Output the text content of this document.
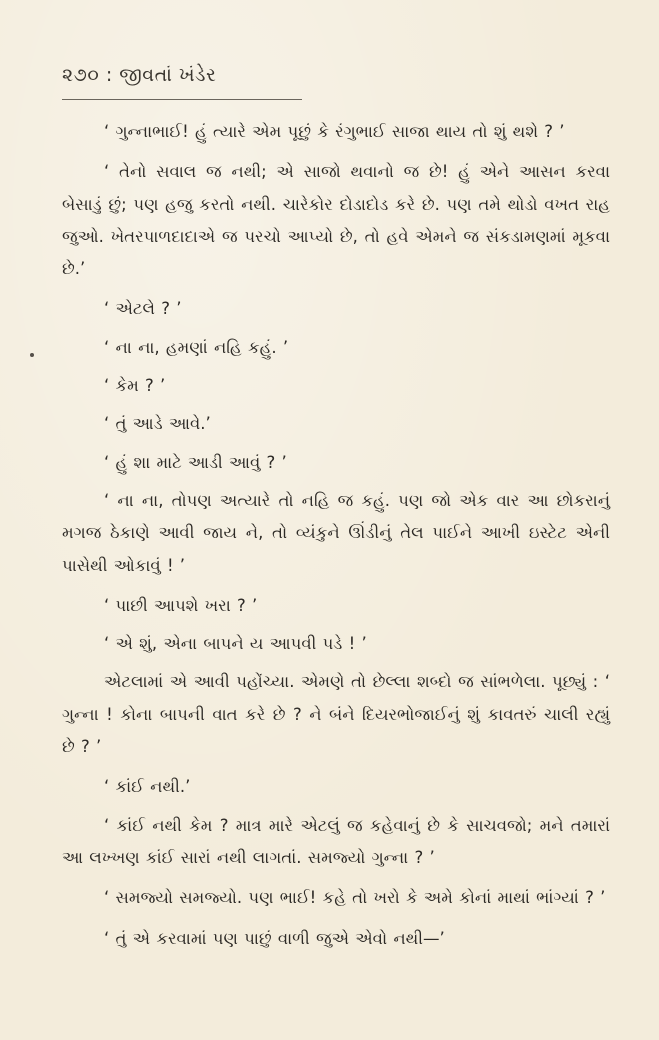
૨૭૦ : જીવતાં ખંડેર

‘ ગુન્નાભાઈ! હું ત્યારે એમ પૂછું કે રંગુભાઈ સાજા થાય તો શું થશે ? ’

‘ તેનો સવાલ જ નથી; એ સાજો થવાનો જ છે! હું એને આસન કરવા બેસાડું છું; પણ હજુ કરતો નથી. ચારેકોર દોડાદોડ કરે છે. પણ તમે થોડો વખત રાહ જુઓ. ખેતરપાળદાદાએ જ પરચો આપ્યો છે, તો હવે એમને જ સંકડામણમાં મૂકવા છે.’

‘ એટલે ? ’

‘ ના ના, હમણાં નહિ કહું. ’

‘ કેમ ? ’

‘ તું આડે આવે.’

‘ હું શા માટે આડી આવું ? ’

‘ ના ના, તોપણ અત્યારે તો નહિ જ કહું. પણ જો એક વાર આ છોકરાનું મગજ ઠેકાણે આવી જાય ને, તો વ્યંકુને ઊંડીનું તેલ પાઈને આખી ઇસ્ટેટ એની પાસેથી ઓકાવું ! ’

‘ પાછી આપશે ખરા ? ’

‘ એ શું, એના બાપને ય આપવી પડે ! ’

એટલામાં એ આવી પહોંચ્યા. એમણે તો છેલ્લા શબ્દો જ સાંભળેલા. પૂછ્યું : ‘ ગુન્ના ! કોના બાપની વાત કરે છે ? ને બંને દિયરભોજાઈનું શું કાવતરું ચાલી રહ્યું છે ? ’

‘ કાંઈ નથી.’

‘ કાંઈ નથી કેમ ? માત્ર મારે એટલું જ કહેવાનું છે કે સાચવજો; મને તમારાં આ લખ્ખણ કાંઈ સારાં નથી લાગતાં. સમજ્યો ગુન્ના ? ’

‘ સમજ્યો સમજ્યો. પણ ભાઈ! કહે તો ખરો કે અમે કોનાં માથાં ભાંગ્યાં ? ’

‘ તું એ કરવામાં પણ પાછું વાળી જુએ એવો નથી—’
